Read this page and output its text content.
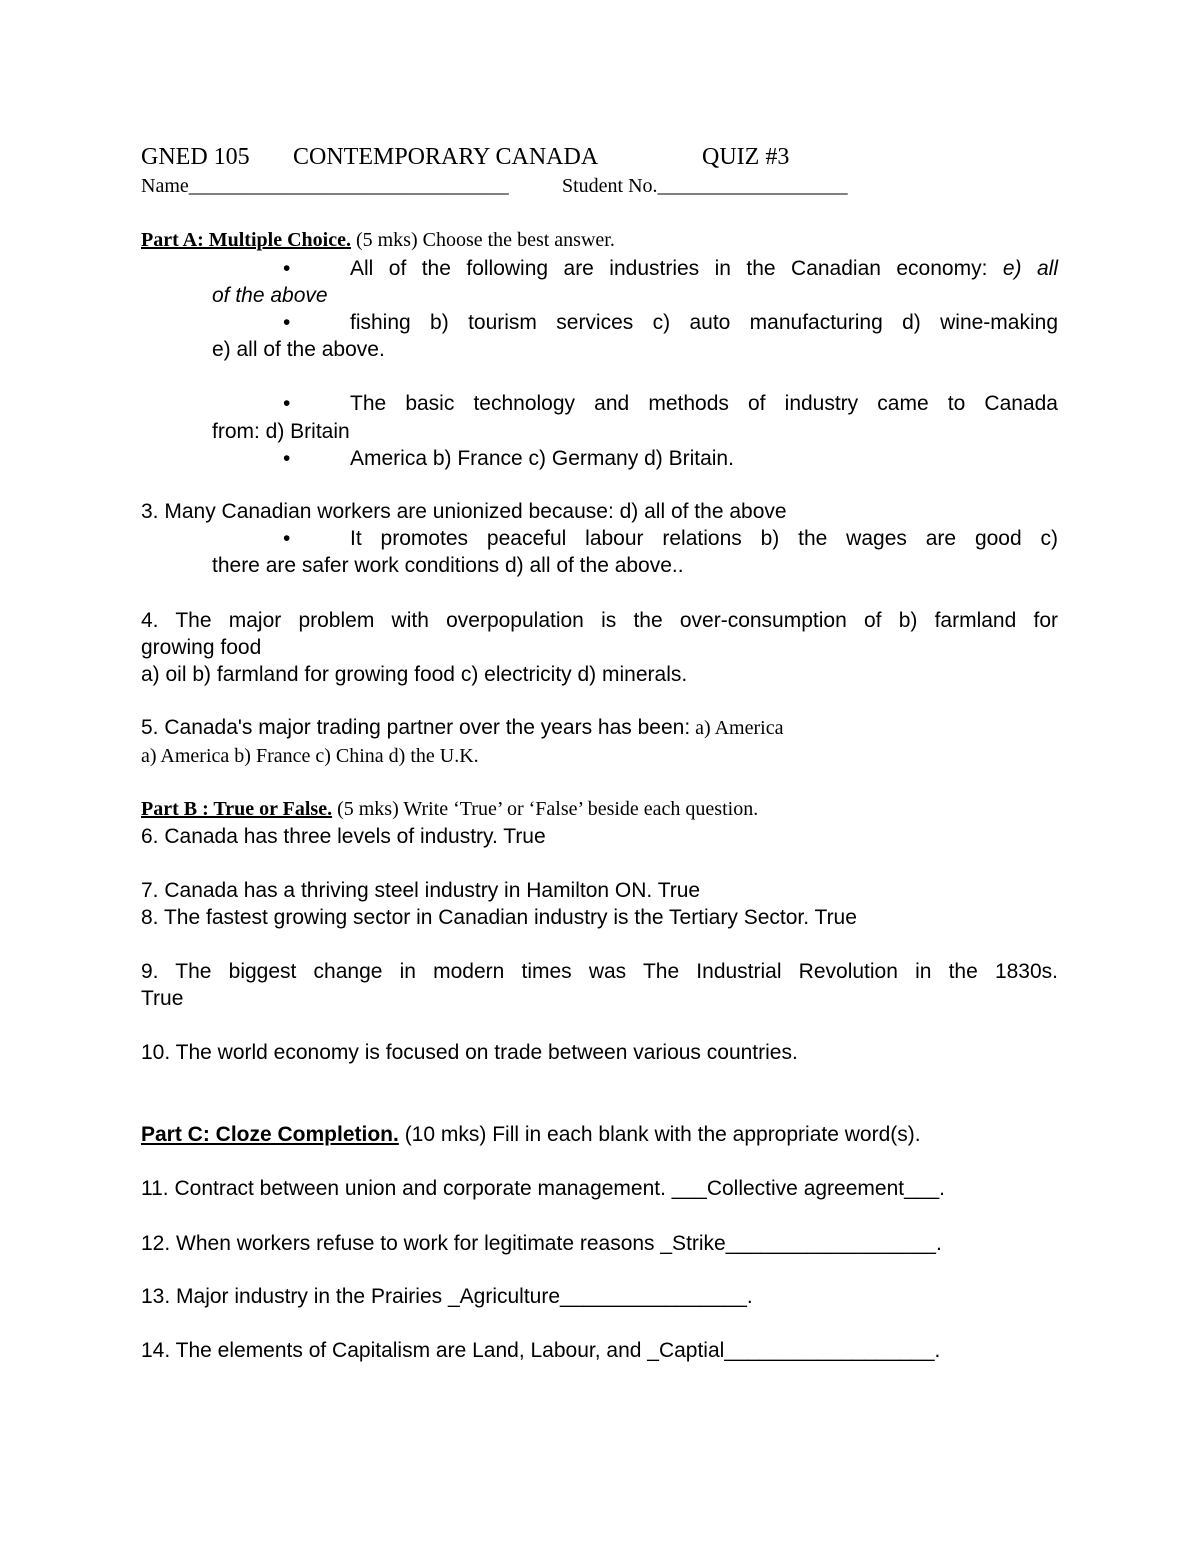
GNED 105 CONTEMPORARY CANADA	QUIZ #3
Name________________________________	Student No.___________________
Part A: Multiple Choice. (5 mks) Choose the best answer.
•	All of the following are industries in the Canadian economy: e) all
of the above
•	fishing b) tourism services c) auto manufacturing d) wine-making
e) all of the above.
•	The basic technology and methods of industry came to Canada
from: d) Britain
•	America b) France c) Germany d) Britain.
3. Many Canadian workers are unionized because: d) all of the above
•	It promotes peaceful labour relations b) the wages are good c)
there are safer work conditions d) all of the above..
4. The major problem with overpopulation is the over-consumption of b) farmland for
growing food
a) oil b) farmland for growing food c) electricity d) minerals.
5. Canada's major trading partner over the years has been: a) America
a) America b) France c) China d) the U.K.
Part B : True or False. (5 mks) Write ‘True’ or ‘False’ beside each question.
6. Canada has three levels of industry. True
7. Canada has a thriving steel industry in Hamilton ON. True
8. The fastest growing sector in Canadian industry is the Tertiary Sector. True
9. The biggest change in modern times was The Industrial Revolution in the 1830s.
True
10. The world economy is focused on trade between various countries.
Part C: Cloze Completion. (10 mks) Fill in each blank with the appropriate word(s).
11. Contract between union and corporate management. ___Collective agreement___.
12. When workers refuse to work for legitimate reasons _Strike__________________.
13. Major industry in the Prairies _Agriculture________________.
14. The elements of Capitalism are Land, Labour, and _Captial__________________.
